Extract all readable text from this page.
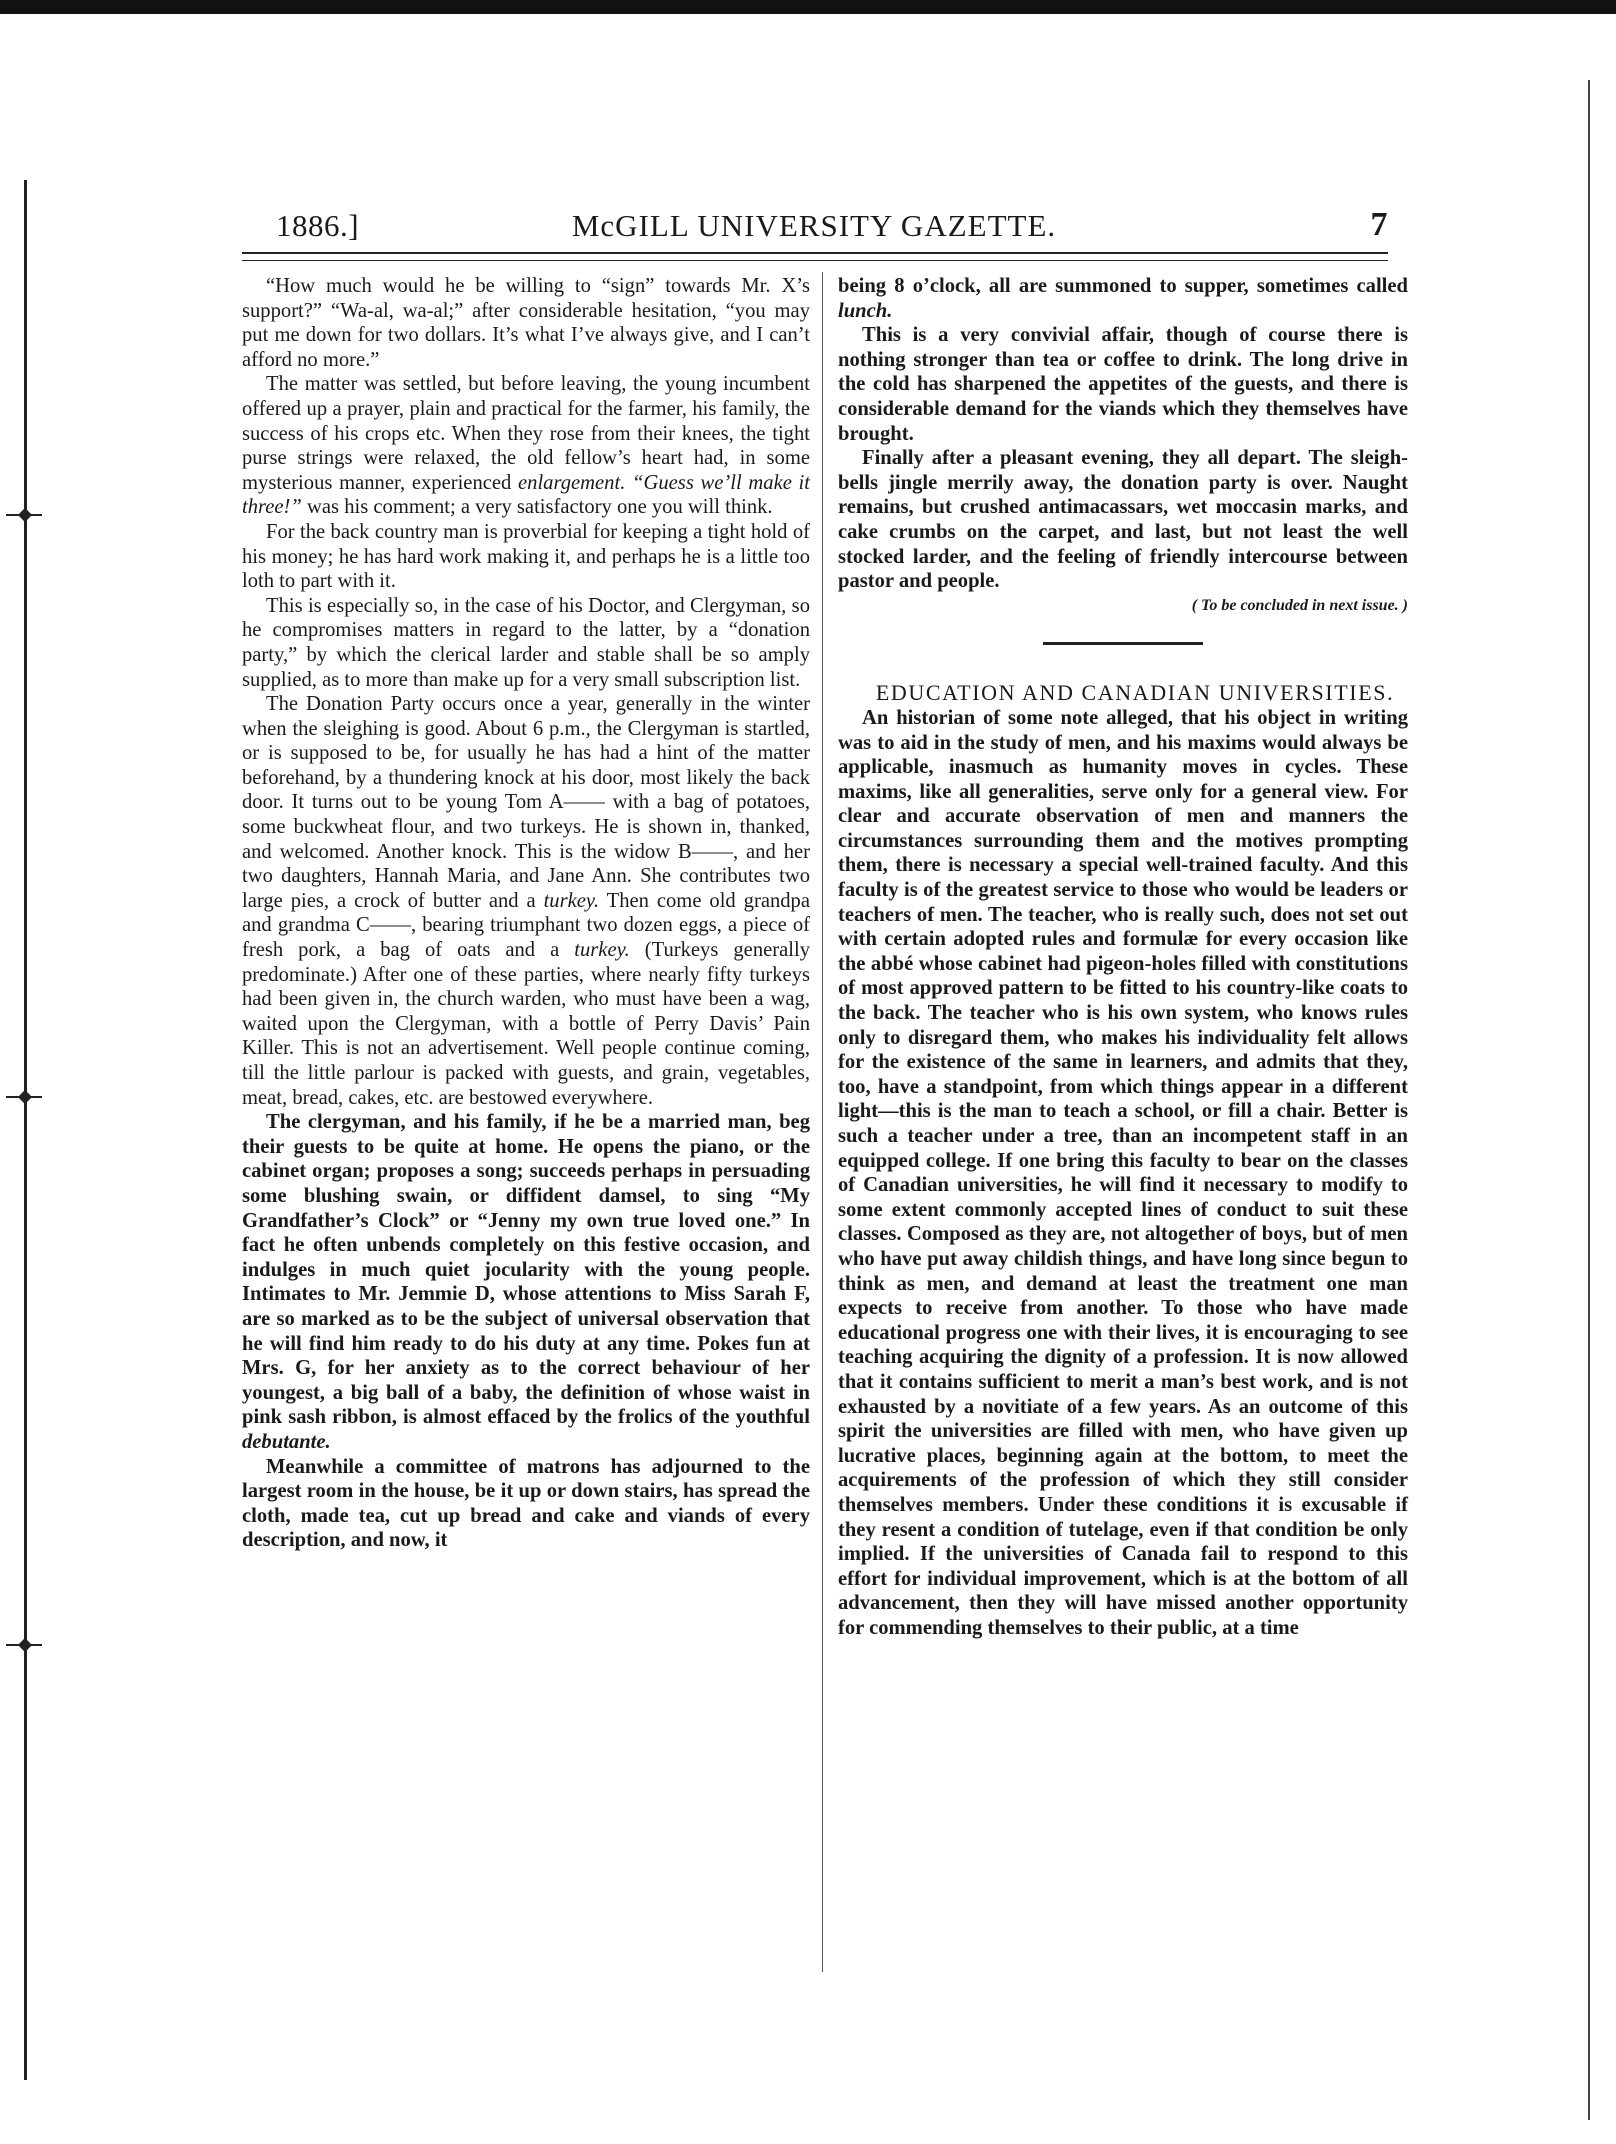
1886.]	McGILL UNIVERSITY GAZETTE.	7

“How much would he be willing to “sign” towards Mr. X’s support?” “Wa-al, wa-al;” after considerable hesitation, “you may put me down for two dollars. It’s what I’ve always give, and I can’t afford no more.”

The matter was settled, but before leaving, the young incumbent offered up a prayer, plain and practical for the farmer, his family, the success of his crops etc. When they rose from their knees, the tight purse strings were relaxed, the old fellow’s heart had, in some mysterious manner, experienced enlargement. “Guess we’ll make it three!” was his comment; a very satisfactory one you will think.

For the back country man is proverbial for keeping a tight hold of his money; he has hard work making it, and perhaps he is a little too loth to part with it.

This is especially so, in the case of his Doctor, and Clergyman, so he compromises matters in regard to the latter, by a “donation party,” by which the clerical larder and stable shall be so amply supplied, as to more than make up for a very small subscription list.

The Donation Party occurs once a year, generally in the winter when the sleighing is good. About 6 p.m., the Clergyman is startled, or is supposed to be, for usually he has had a hint of the matter beforehand, by a thundering knock at his door, most likely the back door. It turns out to be young Tom A—— with a bag of potatoes, some buckwheat flour, and two turkeys. He is shown in, thanked, and welcomed. Another knock. This is the widow B——, and her two daughters, Hannah Maria, and Jane Ann. She contributes two large pies, a crock of butter and a turkey. Then come old grandpa and grandma C——, bearing triumphant two dozen eggs, a piece of fresh pork, a bag of oats and a turkey. (Turkeys generally predominate.) After one of these parties, where nearly fifty turkeys had been given in, the church warden, who must have been a wag, waited upon the Clergyman, with a bottle of Perry Davis’ Pain Killer. This is not an advertisement. Well people continue coming, till the little parlour is packed with guests, and grain, vegetables, meat, bread, cakes, etc. are bestowed everywhere.

The clergyman, and his family, if he be a married man, beg their guests to be quite at home. He opens the piano, or the cabinet organ; proposes a song; succeeds perhaps in persuading some blushing swain, or diffident damsel, to sing “My Grandfather’s Clock” or “Jenny my own true loved one.” In fact he often unbends completely on this festive occasion, and indulges in much quiet jocularity with the young people. Intimates to Mr. Jemmie D, whose attentions to Miss Sarah F, are so marked as to be the subject of universal observation that he will find him ready to do his duty at any time. Pokes fun at Mrs. G, for her anxiety as to the correct behaviour of her youngest, a big ball of a baby, the definition of whose waist in pink sash ribbon, is almost effaced by the frolics of the youthful debutante.

Meanwhile a committee of matrons has adjourned to the largest room in the house, be it up or down stairs, has spread the cloth, made tea, cut up bread and cake and viands of every description, and now, it

being 8 o’clock, all are summoned to supper, sometimes called lunch.

This is a very convivial affair, though of course there is nothing stronger than tea or coffee to drink. The long drive in the cold has sharpened the appetites of the guests, and there is considerable demand for the viands which they themselves have brought.

Finally after a pleasant evening, they all depart. The sleigh-bells jingle merrily away, the donation party is over. Naught remains, but crushed antimacassars, wet moccasin marks, and cake crumbs on the carpet, and last, but not least the well stocked larder, and the feeling of friendly intercourse between pastor and people.

( To be concluded in next issue. )

EDUCATION AND CANADIAN UNIVERSITIES.

An historian of some note alleged, that his object in writing was to aid in the study of men, and his maxims would always be applicable, inasmuch as humanity moves in cycles. These maxims, like all generalities, serve only for a general view. For clear and accurate observation of men and manners the circumstances surrounding them and the motives prompting them, there is necessary a special well-trained faculty. And this faculty is of the greatest service to those who would be leaders or teachers of men. The teacher, who is really such, does not set out with certain adopted rules and formulæ for every occasion like the abbé whose cabinet had pigeon-holes filled with constitutions of most approved pattern to be fitted to his country-like coats to the back. The teacher who is his own system, who knows rules only to disregard them, who makes his individuality felt allows for the existence of the same in learners, and admits that they, too, have a standpoint, from which things appear in a different light—this is the man to teach a school, or fill a chair. Better is such a teacher under a tree, than an incompetent staff in an equipped college. If one bring this faculty to bear on the classes of Canadian universities, he will find it necessary to modify to some extent commonly accepted lines of conduct to suit these classes. Composed as they are, not altogether of boys, but of men who have put away childish things, and have long since begun to think as men, and demand at least the treatment one man expects to receive from another. To those who have made educational progress one with their lives, it is encouraging to see teaching acquiring the dignity of a profession. It is now allowed that it contains sufficient to merit a man’s best work, and is not exhausted by a novitiate of a few years. As an outcome of this spirit the universities are filled with men, who have given up lucrative places, beginning again at the bottom, to meet the acquirements of the profession of which they still consider themselves members. Under these conditions it is excusable if they resent a condition of tutelage, even if that condition be only implied. If the universities of Canada fail to respond to this effort for individual improvement, which is at the bottom of all advancement, then they will have missed another opportunity for commending themselves to their public, at a time
